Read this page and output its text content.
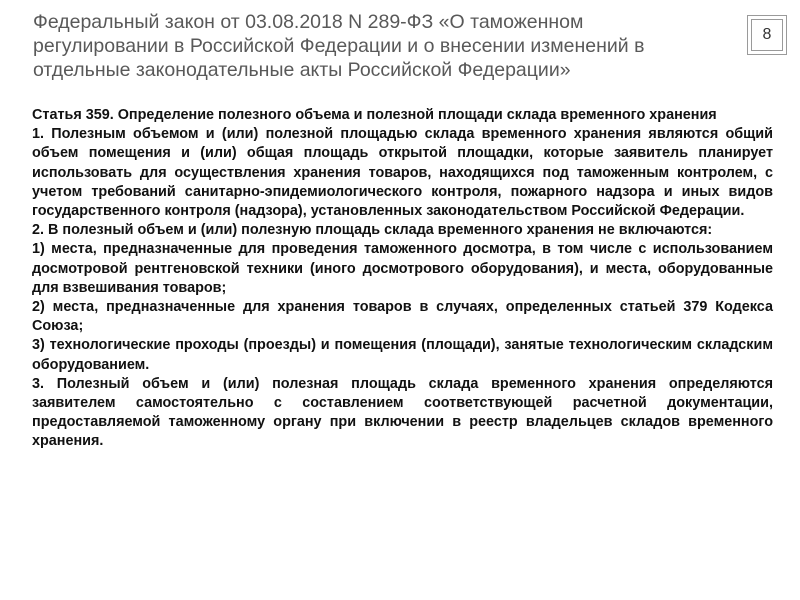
Федеральный закон от 03.08.2018 N 289-ФЗ «О таможенном регулировании в Российской Федерации и о внесении изменений в отдельные законодательные акты Российской Федерации»
8

Статья 359. Определение полезного объема и полезной площади склада временного хранения

1. Полезным объемом и (или) полезной площадью склада временного хранения являются общий объем помещения и (или) общая площадь открытой площадки, которые заявитель планирует использовать для осуществления хранения товаров, находящихся под таможенным контролем, с учетом требований санитарно-эпидемиологического контроля, пожарного надзора и иных видов государственного контроля (надзора), установленных законодательством Российской Федерации.

2. В полезный объем и (или) полезную площадь склада временного хранения не включаются:

1) места, предназначенные для проведения таможенного досмотра, в том числе с использованием досмотровой рентгеновской техники (иного досмотрового оборудования), и места, оборудованные для взвешивания товаров;

2) места, предназначенные для хранения товаров в случаях, определенных статьей 379 Кодекса Союза;

3) технологические проходы (проезды) и помещения (площади), занятые технологическим складским оборудованием.

3. Полезный объем и (или) полезная площадь склада временного хранения определяются заявителем самостоятельно с составлением соответствующей расчетной документации, предоставляемой таможенному органу при включении в реестр владельцев складов временного хранения.
